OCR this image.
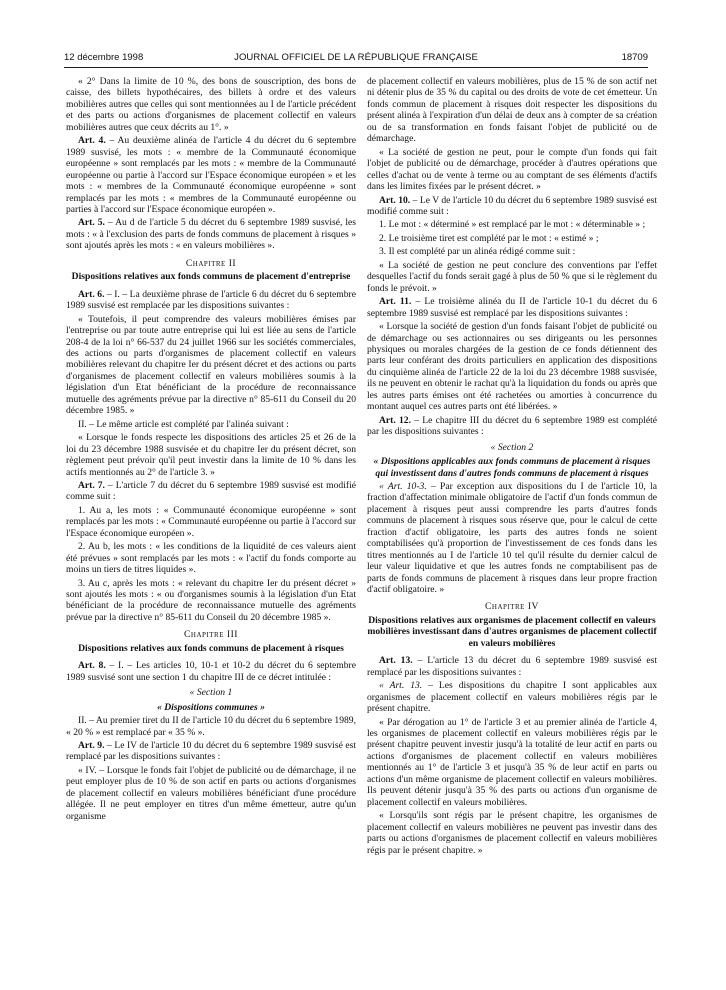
12 décembre 1998	JOURNAL OFFICIEL DE LA RÉPUBLIQUE FRANÇAISE	18709

« 2° Dans la limite de 10 %, des bons de souscription, des bons de caisse, des billets hypothécaires, des billets à ordre et des valeurs mobilières autres que celles qui sont mentionnées au I de l'article précédent et des parts ou actions d'organismes de placement collectif en valeurs mobilières autres que ceux décrits au 1°. »

Art. 4. – Au deuxième alinéa de l'article 4 du décret du 6 septembre 1989 susvisé, les mots : « membre de la Communauté économique européenne » sont remplacés par les mots : « membre de la Communauté européenne ou partie à l'accord sur l'Espace économique européen » et les mots : « membres de la Communauté économique européenne » sont remplacés par les mots : « membres de la Communauté européenne ou parties à l'accord sur l'Espace économique européen ».

Art. 5. – Au d de l'article 5 du décret du 6 septembre 1989 susvisé, les mots : « à l'exclusion des parts de fonds communs de placement à risques » sont ajoutés après les mots : « en valeurs mobilières ».

Chapitre II

Dispositions relatives aux fonds communs de placement d'entreprise

Art. 6. – I. – La deuxième phrase de l'article 6 du décret du 6 septembre 1989 susvisé est remplacée par les dispositions suivantes :

« Toutefois, il peut comprendre des valeurs mobilières émises par l'entreprise ou par toute autre entreprise qui lui est liée au sens de l'article 208-4 de la loi n° 66-537 du 24 juillet 1966 sur les sociétés commerciales, des actions ou parts d'organismes de placement collectif en valeurs mobilières relevant du chapitre Ier du présent décret et des actions ou parts d'organismes de placement collectif en valeurs mobilières soumis à la législation d'un Etat bénéficiant de la procédure de reconnaissance mutuelle des agréments prévue par la directive n° 85-611 du Conseil du 20 décembre 1985. »

II. – Le même article est complété par l'alinéa suivant :

« Lorsque le fonds respecte les dispositions des articles 25 et 26 de la loi du 23 décembre 1988 susvisée et du chapitre Ier du présent décret, son règlement peut prévoir qu'il peut investir dans la limite de 10 % dans les actifs mentionnés au 2° de l'article 3. »

Art. 7. – L'article 7 du décret du 6 septembre 1989 susvisé est modifié comme suit :

1. Au a, les mots : « Communauté économique européenne » sont remplacés par les mots : « Communauté européenne ou partie à l'accord sur l'Espace économique européen ».

2. Au b, les mots : « les conditions de la liquidité de ces valeurs aient été prévues » sont remplacés par les mots : « l'actif du fonds comporte au moins un tiers de titres liquides ».

3. Au c, après les mots : « relevant du chapitre Ier du présent décret » sont ajoutés les mots : « ou d'organismes soumis à la législation d'un Etat bénéficiant de la procédure de reconnaissance mutuelle des agréments prévue par la directive n° 85-611 du Conseil du 20 décembre 1985 ».

Chapitre III

Dispositions relatives aux fonds communs de placement à risques

Art. 8. – I. – Les articles 10, 10-1 et 10-2 du décret du 6 septembre 1989 susvisé sont une section 1 du chapitre III de ce décret intitulée :

« Section 1

« Dispositions communes »

II. – Au premier tiret du II de l'article 10 du décret du 6 septembre 1989, « 20 % » est remplacé par « 35 % ».

Art. 9. – Le IV de l'article 10 du décret du 6 septembre 1989 susvisé est remplacé par les dispositions suivantes :

« IV. – Lorsque le fonds fait l'objet de publicité ou de démarchage, il ne peut employer plus de 10 % de son actif en parts ou actions d'organismes de placement collectif en valeurs mobilières bénéficiant d'une procédure allégée. Il ne peut employer en titres d'un même émetteur, autre qu'un organisme

de placement collectif en valeurs mobilières, plus de 15 % de son actif net ni détenir plus de 35 % du capital ou des droits de vote de cet émetteur. Un fonds commun de placement à risques doit respecter les dispositions du présent alinéa à l'expiration d'un délai de deux ans à compter de sa création ou de sa transformation en fonds faisant l'objet de publicité ou de démarchage.

« La société de gestion ne peut, pour le compte d'un fonds qui fait l'objet de publicité ou de démarchage, procéder à d'autres opérations que celles d'achat ou de vente à terme ou au comptant de ses éléments d'actifs dans les limites fixées par le présent décret. »

Art. 10. – Le V de l'article 10 du décret du 6 septembre 1989 susvisé est modifié comme suit :

1. Le mot : « déterminé » est remplacé par le mot : « déterminable » ;

2. Le troisième tiret est complété par le mot : « estimé » ;

3. Il est complété par un alinéa rédigé comme suit :

« La société de gestion ne peut conclure des conventions par l'effet desquelles l'actif du fonds serait gagé à plus de 50 % que si le règlement du fonds le prévoit. »

Art. 11. – Le troisième alinéa du II de l'article 10-1 du décret du 6 septembre 1989 susvisé est remplacé par les dispositions suivantes :

« Lorsque la société de gestion d'un fonds faisant l'objet de publicité ou de démarchage ou ses actionnaires ou ses dirigeants ou les personnes physiques ou morales chargées de la gestion de ce fonds détiennent des parts leur conférant des droits particuliers en application des dispositions du cinquième alinéa de l'article 22 de la loi du 23 décembre 1988 susvisée, ils ne peuvent en obtenir le rachat qu'à la liquidation du fonds ou après que les autres parts émises ont été rachetées ou amorties à concurrence du montant auquel ces autres parts ont été libérées. »

Art. 12. – Le chapitre III du décret du 6 septembre 1989 est complété par les dispositions suivantes :

« Section 2

« Dispositions applicables aux fonds communs de placement à risques qui investissent dans d'autres fonds communs de placement à risques

« Art. 10-3. – Par exception aux dispositions du I de l'article 10, la fraction d'affectation minimale obligatoire de l'actif d'un fonds commun de placement à risques peut aussi comprendre les parts d'autres fonds communs de placement à risques sous réserve que, pour le calcul de cette fraction d'actif obligatoire, les parts des autres fonds ne soient comptabilisées qu'à proportion de l'investissement de ces fonds dans les titres mentionnés au I de l'article 10 tel qu'il résulte du dernier calcul de leur valeur liquidative et que les autres fonds ne comptabilisent pas de parts de fonds communs de placement à risques dans leur propre fraction d'actif obligatoire. »

Chapitre IV

Dispositions relatives aux organismes de placement collectif en valeurs mobilières investissant dans d'autres organismes de placement collectif en valeurs mobilières

Art. 13. – L'article 13 du décret du 6 septembre 1989 susvisé est remplacé par les dispositions suivantes :

« Art. 13. – Les dispositions du chapitre I sont applicables aux organismes de placement collectif en valeurs mobilières régis par le présent chapitre.

« Par dérogation au 1° de l'article 3 et au premier alinéa de l'article 4, les organismes de placement collectif en valeurs mobilières régis par le présent chapitre peuvent investir jusqu'à la totalité de leur actif en parts ou actions d'organismes de placement collectif en valeurs mobilières mentionnés au 1° de l'article 3 et jusqu'à 35 % de leur actif en parts ou actions d'un même organisme de placement collectif en valeurs mobilières. Ils peuvent détenir jusqu'à 35 % des parts ou actions d'un organisme de placement collectif en valeurs mobilières.

« Lorsqu'ils sont régis par le présent chapitre, les organismes de placement collectif en valeurs mobilières ne peuvent pas investir dans des parts ou actions d'organismes de placement collectif en valeurs mobilières régis par le présent chapitre. »
